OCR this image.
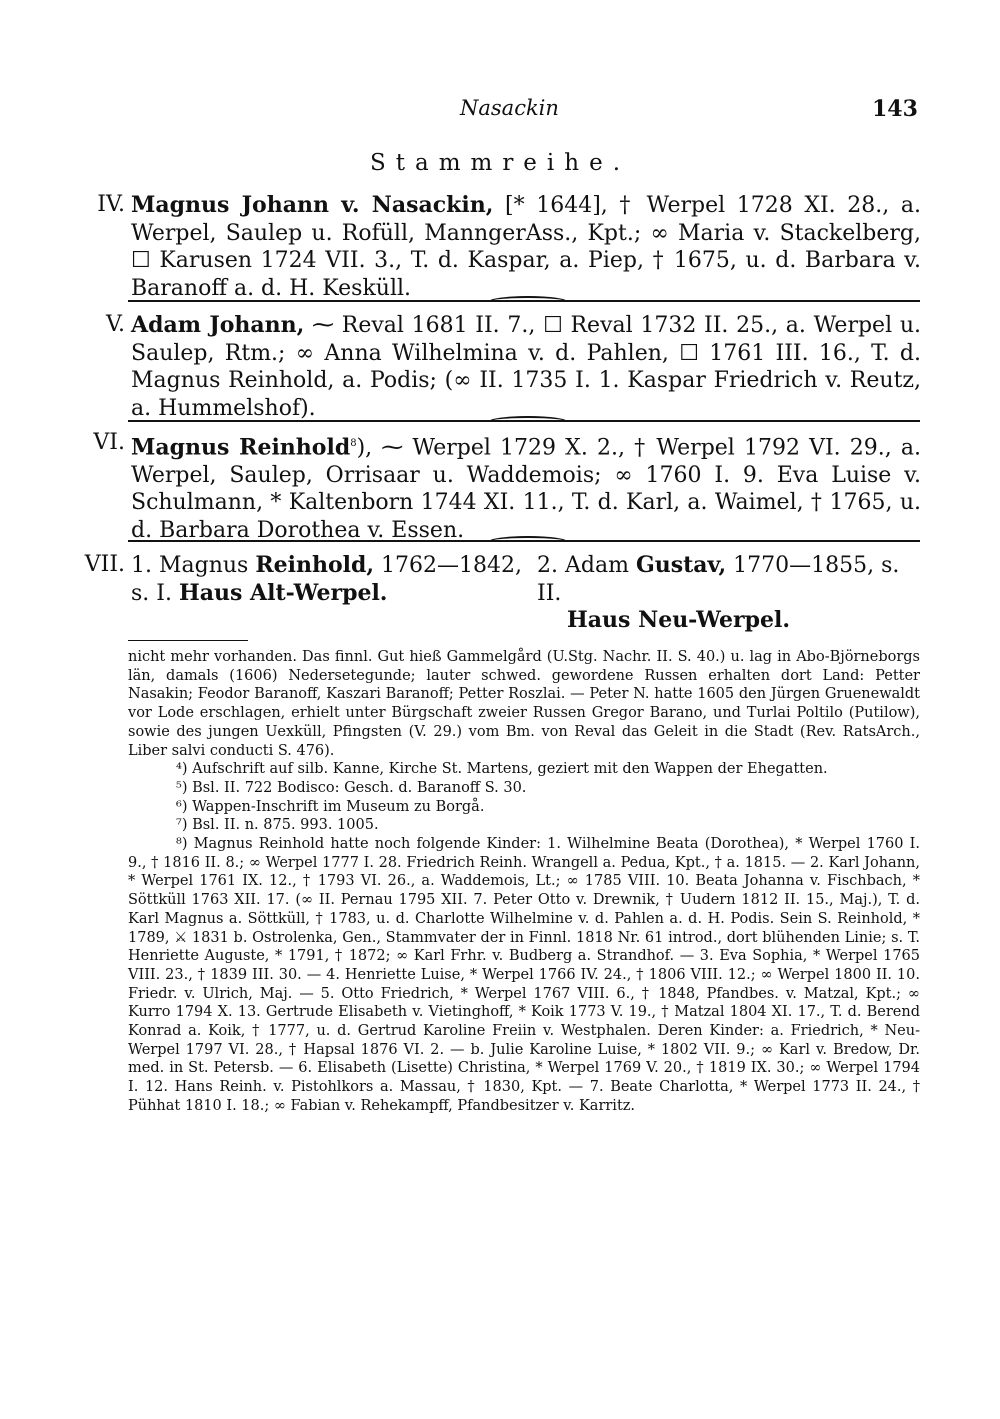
Nasackin	143
Stammreihe.
IV. Magnus Johann v. Nasackin, [* 1644], † Werpel 1728 XI. 28., a. Werpel, Saulep u. Rofüll, ManngerAss., Kpt.; ∞ Maria v. Stackelberg, ☐ Karusen 1724 VII. 3., T. d. Kaspar, a. Piep, † 1675, u. d. Barbara v. Baranoff a. d. H. Kesküll.
V. Adam Johann, ⁓ Reval 1681 II. 7., ☐ Reval 1732 II. 25., a. Werpel u. Saulep, Rtm.; ∞ Anna Wilhelmina v. d. Pahlen, ☐ 1761 III. 16., T. d. Magnus Reinhold, a. Podis; (∞ II. 1735 I. 1. Kaspar Friedrich v. Reutz, a. Hummelshof).
VI. Magnus Reinhold$^8$), ⁓ Werpel 1729 X. 2., † Werpel 1792 VI. 29., a. Werpel, Saulep, Orrisaar u. Waddemois; ∞ 1760 I. 9. Eva Luise v. Schulmann, * Kaltenborn 1744 XI. 11., T. d. Karl, a. Waimel, † 1765, u. d. Barbara Dorothea v. Essen.
VII. 1. Magnus Reinhold, 1762—1842,
s. I. Haus Alt-Werpel.
2. Adam Gustav, 1770—1855, s. II.
Haus Neu-Werpel.

nicht mehr vorhanden. Das finnl. Gut hieß Gammelgård (U.Stg. Nachr. II. S. 40.) u. lag in Abo-Björneborgs län, damals (1606) Nedersetegunde; lauter schwed. gewordene Russen erhalten dort Land: Petter Nasakin; Feodor Baranoff, Kaszari Baranoff; Petter Roszlai. — Peter N. hatte 1605 den Jürgen Gruenewaldt vor Lode erschlagen, erhielt unter Bürgschaft zweier Russen Gregor Barano, und Turlai Poltilo (Putilow), sowie des jungen Uexküll, Pfingsten (V. 29.) vom Bm. von Reval das Geleit in die Stadt (Rev. RatsArch., Liber salvi conducti S. 476).

⁴) Aufschrift auf silb. Kanne, Kirche St. Martens, geziert mit den Wappen der Ehegatten.

⁵) Bsl. II. 722 Bodisco: Gesch. d. Baranoff S. 30.

⁶) Wappen-Inschrift im Museum zu Borgå.

⁷) Bsl. II. n. 875. 993. 1005.

⁸) Magnus Reinhold hatte noch folgende Kinder: 1. Wilhelmine Beata (Dorothea), * Werpel 1760 I. 9., † 1816 II. 8.; ∞ Werpel 1777 I. 28. Friedrich Reinh. Wrangell a. Pedua, Kpt., † a. 1815. — 2. Karl Johann, * Werpel 1761 IX. 12., † 1793 VI. 26., a. Waddemois, Lt.; ∞ 1785 VIII. 10. Beata Johanna v. Fischbach, * Söttküll 1763 XII. 17. (∞ II. Pernau 1795 XII. 7. Peter Otto v. Drewnik, † Uudern 1812 II. 15., Maj.), T. d. Karl Magnus a. Söttküll, † 1783, u. d. Charlotte Wilhelmine v. d. Pahlen a. d. H. Podis. Sein S. Reinhold, * 1789, ⚔ 1831 b. Ostrolenka, Gen., Stammvater der in Finnl. 1818 Nr. 61 introd., dort blühenden Linie; s. T. Henriette Auguste, * 1791, † 1872; ∞ Karl Frhr. v. Budberg a. Strandhof. — 3. Eva Sophia, * Werpel 1765 VIII. 23., † 1839 III. 30. — 4. Henriette Luise, * Werpel 1766 IV. 24., † 1806 VIII. 12.; ∞ Werpel 1800 II. 10. Friedr. v. Ulrich, Maj. — 5. Otto Friedrich, * Werpel 1767 VIII. 6., † 1848, Pfandbes. v. Matzal, Kpt.; ∞ Kurro 1794 X. 13. Gertrude Elisabeth v. Vietinghoff, * Koik 1773 V. 19., † Matzal 1804 XI. 17., T. d. Berend Konrad a. Koik, † 1777, u. d. Gertrud Karoline Freiin v. Westphalen. Deren Kinder: a. Friedrich, * Neu-Werpel 1797 VI. 28., † Hapsal 1876 VI. 2. — b. Julie Karoline Luise, * 1802 VII. 9.; ∞ Karl v. Bredow, Dr. med. in St. Petersb. — 6. Elisabeth (Lisette) Christina, * Werpel 1769 V. 20., † 1819 IX. 30.; ∞ Werpel 1794 I. 12. Hans Reinh. v. Pistohlkors a. Massau, † 1830, Kpt. — 7. Beate Charlotta, * Werpel 1773 II. 24., † Pühhat 1810 I. 18.; ∞ Fabian v. Rehekampff, Pfandbesitzer v. Karritz.
